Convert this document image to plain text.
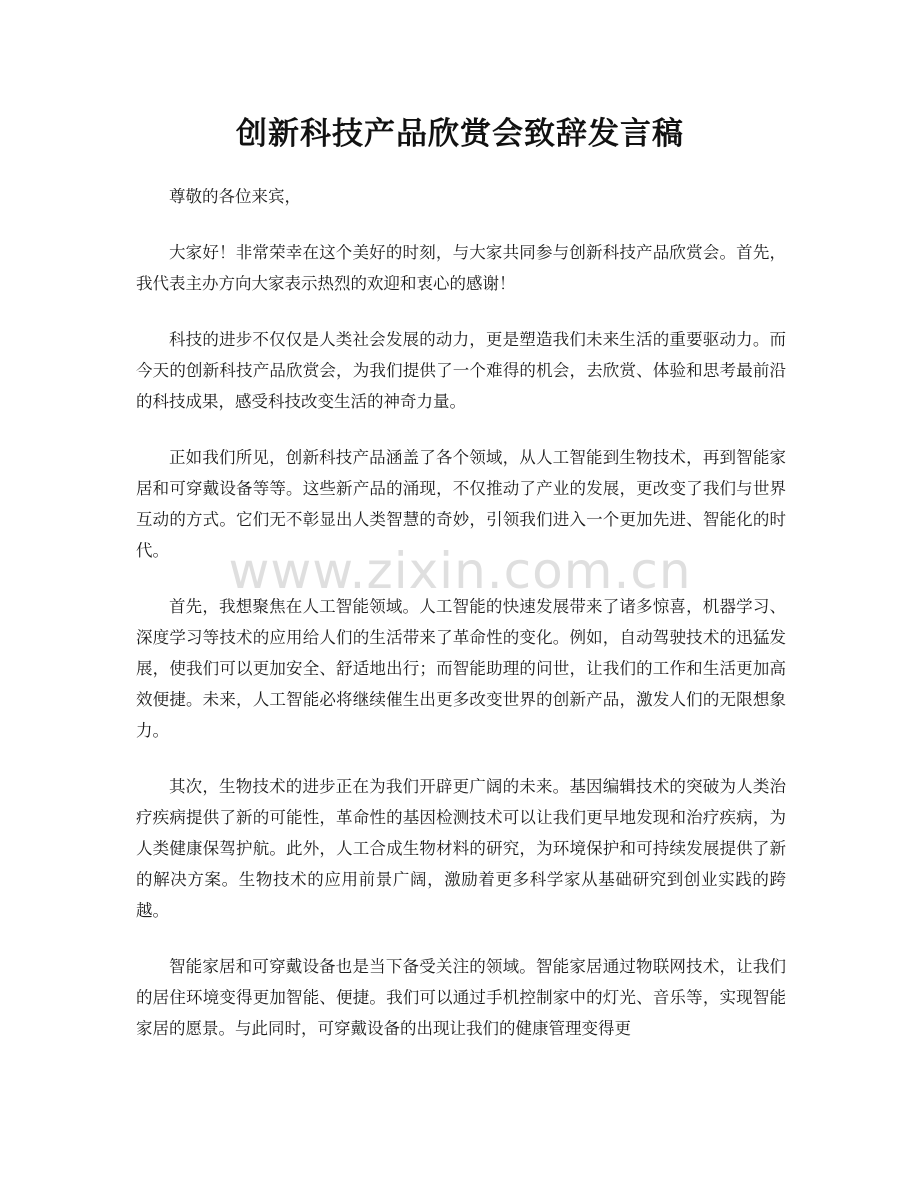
创新科技产品欣赏会致辞发言稿

尊敬的各位来宾，

大家好！非常荣幸在这个美好的时刻，与大家共同参与创新科技产品欣赏会。首先，我代表主办方向大家表示热烈的欢迎和衷心的感谢！

科技的进步不仅仅是人类社会发展的动力，更是塑造我们未来生活的重要驱动力。而今天的创新科技产品欣赏会，为我们提供了一个难得的机会，去欣赏、体验和思考最前沿的科技成果，感受科技改变生活的神奇力量。

正如我们所见，创新科技产品涵盖了各个领域，从人工智能到生物技术，再到智能家居和可穿戴设备等等。这些新产品的涌现，不仅推动了产业的发展，更改变了我们与世界互动的方式。它们无不彰显出人类智慧的奇妙，引领我们进入一个更加先进、智能化的时代。

首先，我想聚焦在人工智能领域。人工智能的快速发展带来了诸多惊喜，机器学习、深度学习等技术的应用给人们的生活带来了革命性的变化。例如，自动驾驶技术的迅猛发展，使我们可以更加安全、舒适地出行；而智能助理的问世，让我们的工作和生活更加高效便捷。未来，人工智能必将继续催生出更多改变世界的创新产品，激发人们的无限想象力。

其次，生物技术的进步正在为我们开辟更广阔的未来。基因编辑技术的突破为人类治疗疾病提供了新的可能性，革命性的基因检测技术可以让我们更早地发现和治疗疾病，为人类健康保驾护航。此外，人工合成生物材料的研究，为环境保护和可持续发展提供了新的解决方案。生物技术的应用前景广阔，激励着更多科学家从基础研究到创业实践的跨越。

智能家居和可穿戴设备也是当下备受关注的领域。智能家居通过物联网技术，让我们的居住环境变得更加智能、便捷。我们可以通过手机控制家中的灯光、音乐等，实现智能家居的愿景。与此同时，可穿戴设备的出现让我们的健康管理变得更

www.zixin.com.cn
